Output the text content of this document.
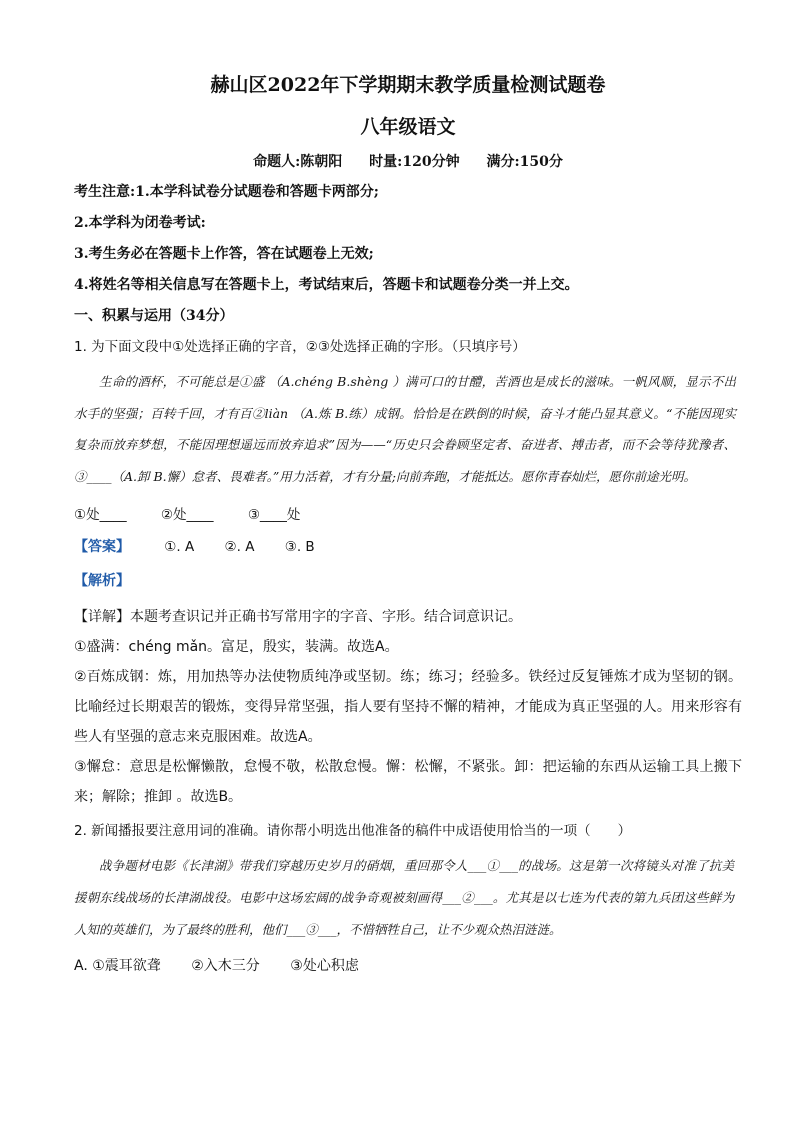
赫山区2022年下学期期末教学质量检测试题卷
八年级语文
命题人:陈朝阳 时量:120分钟 满分:150分
考生注意:1.本学科试卷分试题卷和答题卡两部分;
2.本学科为闭卷考试:
3.考生务必在答题卡上作答，答在试题卷上无效;
4.将姓名等相关信息写在答题卡上，考试结束后，答题卡和试题卷分类一并上交。
一、积累与运用（34分）
1. 为下面文段中①处选择正确的字音，②③处选择正确的字形。（只填序号）

生命的酒杯，不可能总是①盛 （A.chéng B.shèng ）满可口的甘醴，苦酒也是成长的滋味。一帆风顺，显示不出水手的坚强；百转千回，才有百②liàn （A.炼 B.练）成钢。恰恰是在跌倒的时候，奋斗才能凸显其意义。“不能因现实复杂而放弃梦想，不能因理想遥远而放弃追求”因为——“历史只会眷顾坚定者、奋进者、搏击者，而不会等待犹豫者、③____（A.卸 B.懈）怠者、畏难者。”用力活着，才有分量;向前奔跑，才能抵达。愿你青春灿烂，愿你前途光明。

①处____	②处____	③____处
【答案】	①. A ②. A ③. B
【解析】

【详解】本题考查识记并正确书写常用字的字音、字形。结合词意识记。

①盛满：chéng mǎn。富足，殷实，装满。故选A。

②百炼成钢：炼，用加热等办法使物质纯净或坚韧。练；练习；经验多。铁经过反复锤炼才成为坚韧的钢。比喻经过长期艰苦的锻炼，变得异常坚强，指人要有坚持不懈的精神，才能成为真正坚强的人。用来形容有些人有坚强的意志来克服困难。故选A。

③懈怠：意思是松懈懒散，怠慢不敬，松散怠慢。懈：松懈，不紧张。卸：把运输的东西从运输工具上搬下来；解除；推卸 。故选B。

2. 新闻播报要注意用词的准确。请你帮小明选出他准备的稿件中成语使用恰当的一项（　　）

战争题材电影《长津湖》带我们穿越历史岁月的硝烟，重回那令人___①___的战场。这是第一次将镜头对准了抗美援朝东线战场的长津湖战役。电影中这场宏阔的战争奇观被刻画得___②___。尤其是以七连为代表的第九兵团这些鲜为人知的英雄们，为了最终的胜利，他们___③___，不惜牺牲自己，让不少观众热泪涟涟。

A. ①震耳欲聋 ②入木三分 ③处心积虑
